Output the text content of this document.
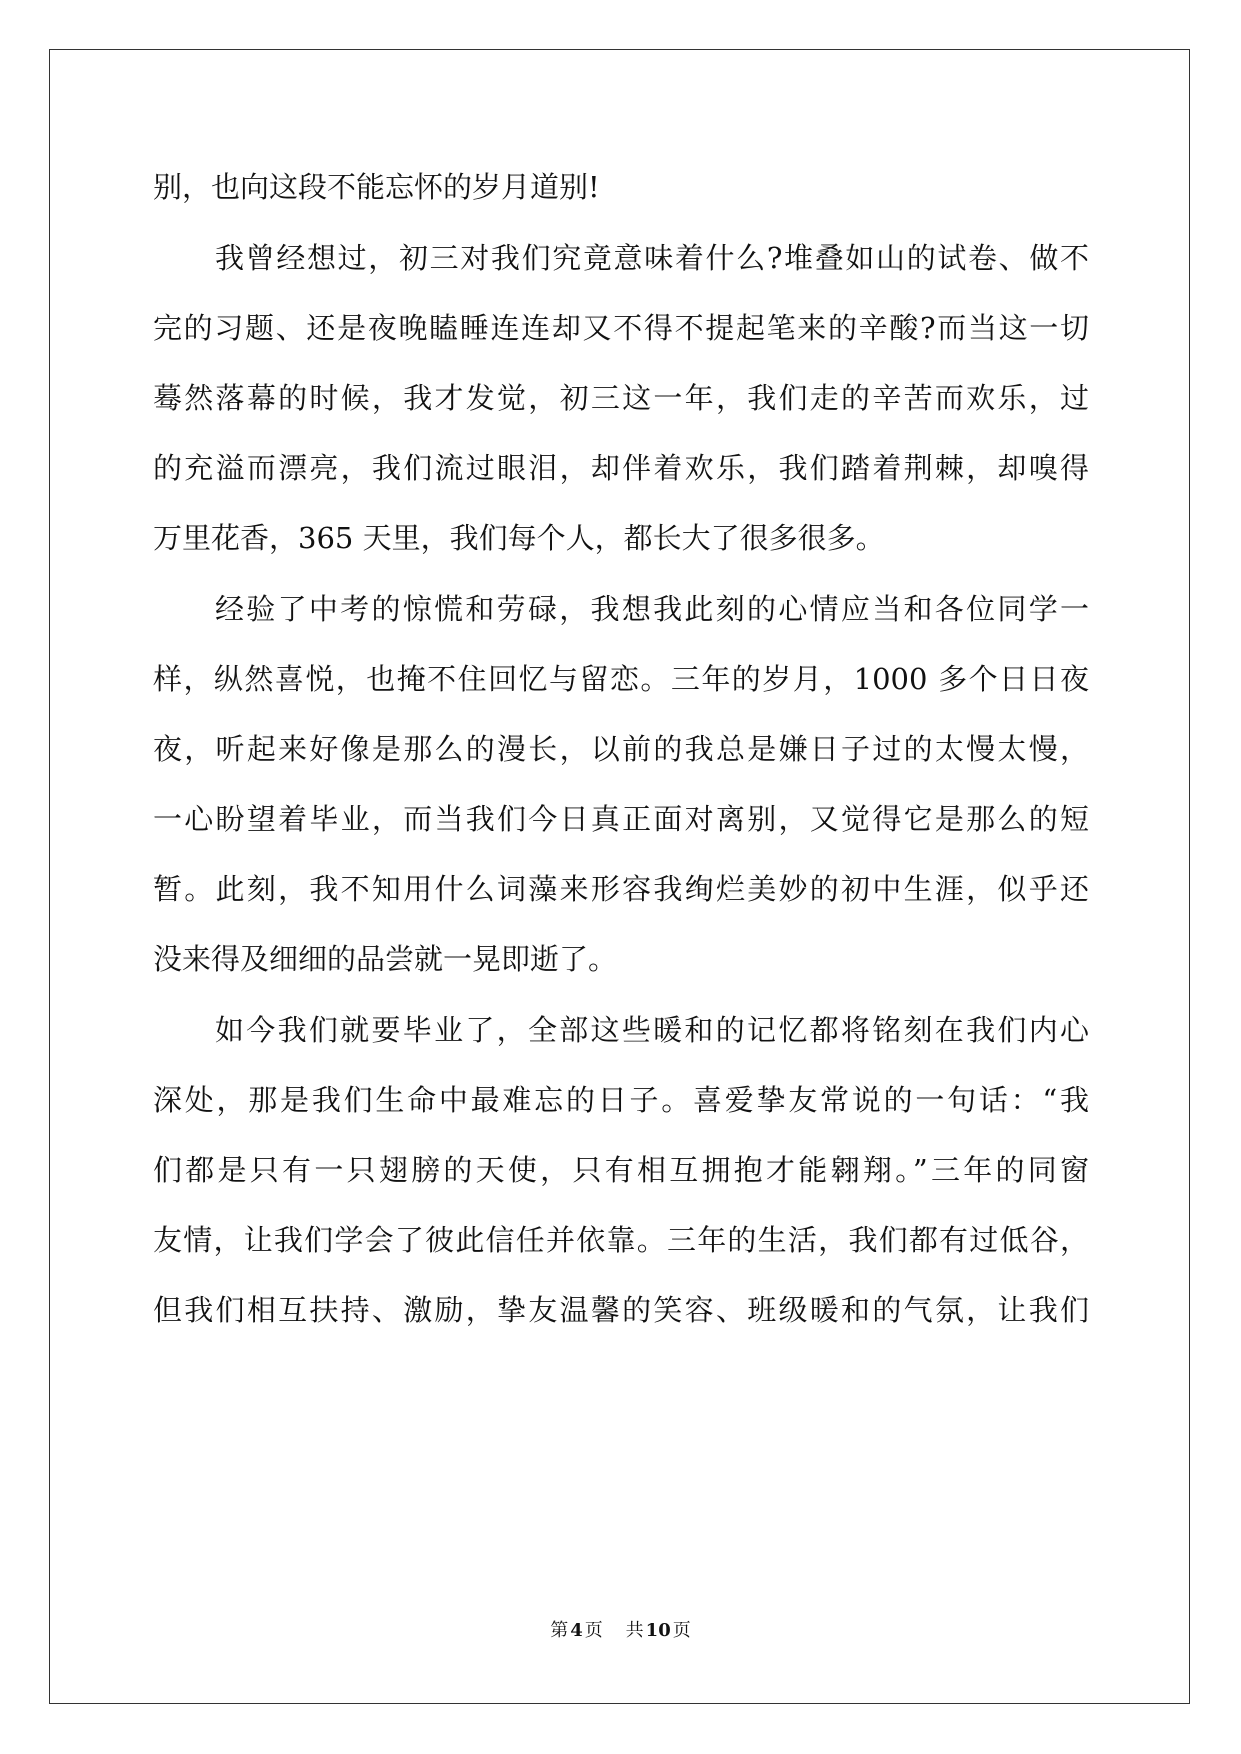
别，也向这段不能忘怀的岁月道别!
我曾经想过，初三对我们究竟意味着什么?堆叠如山的试卷、做不
完的习题、还是夜晚瞌睡连连却又不得不提起笔来的辛酸?而当这一切
蓦然落幕的时候，我才发觉，初三这一年，我们走的辛苦而欢乐，过
的充溢而漂亮，我们流过眼泪，却伴着欢乐，我们踏着荆棘，却嗅得
万里花香，365 天里，我们每个人，都长大了很多很多。
经验了中考的惊慌和劳碌，我想我此刻的心情应当和各位同学一
样，纵然喜悦，也掩不住回忆与留恋。三年的岁月，1000 多个日日夜
夜，听起来好像是那么的漫长，以前的我总是嫌日子过的太慢太慢，
一心盼望着毕业，而当我们今日真正面对离别，又觉得它是那么的短
暂。此刻，我不知用什么词藻来形容我绚烂美妙的初中生涯，似乎还
没来得及细细的品尝就一晃即逝了。
如今我们就要毕业了，全部这些暖和的记忆都将铭刻在我们内心
深处，那是我们生命中最难忘的日子。喜爱挚友常说的一句话：“我
们都是只有一只翅膀的天使，只有相互拥抱才能翱翔。”三年的同窗
友情，让我们学会了彼此信任并依靠。三年的生活，我们都有过低谷，
但我们相互扶持、激励，挚友温馨的笑容、班级暖和的气氛，让我们
第 4 页 共 10 页
